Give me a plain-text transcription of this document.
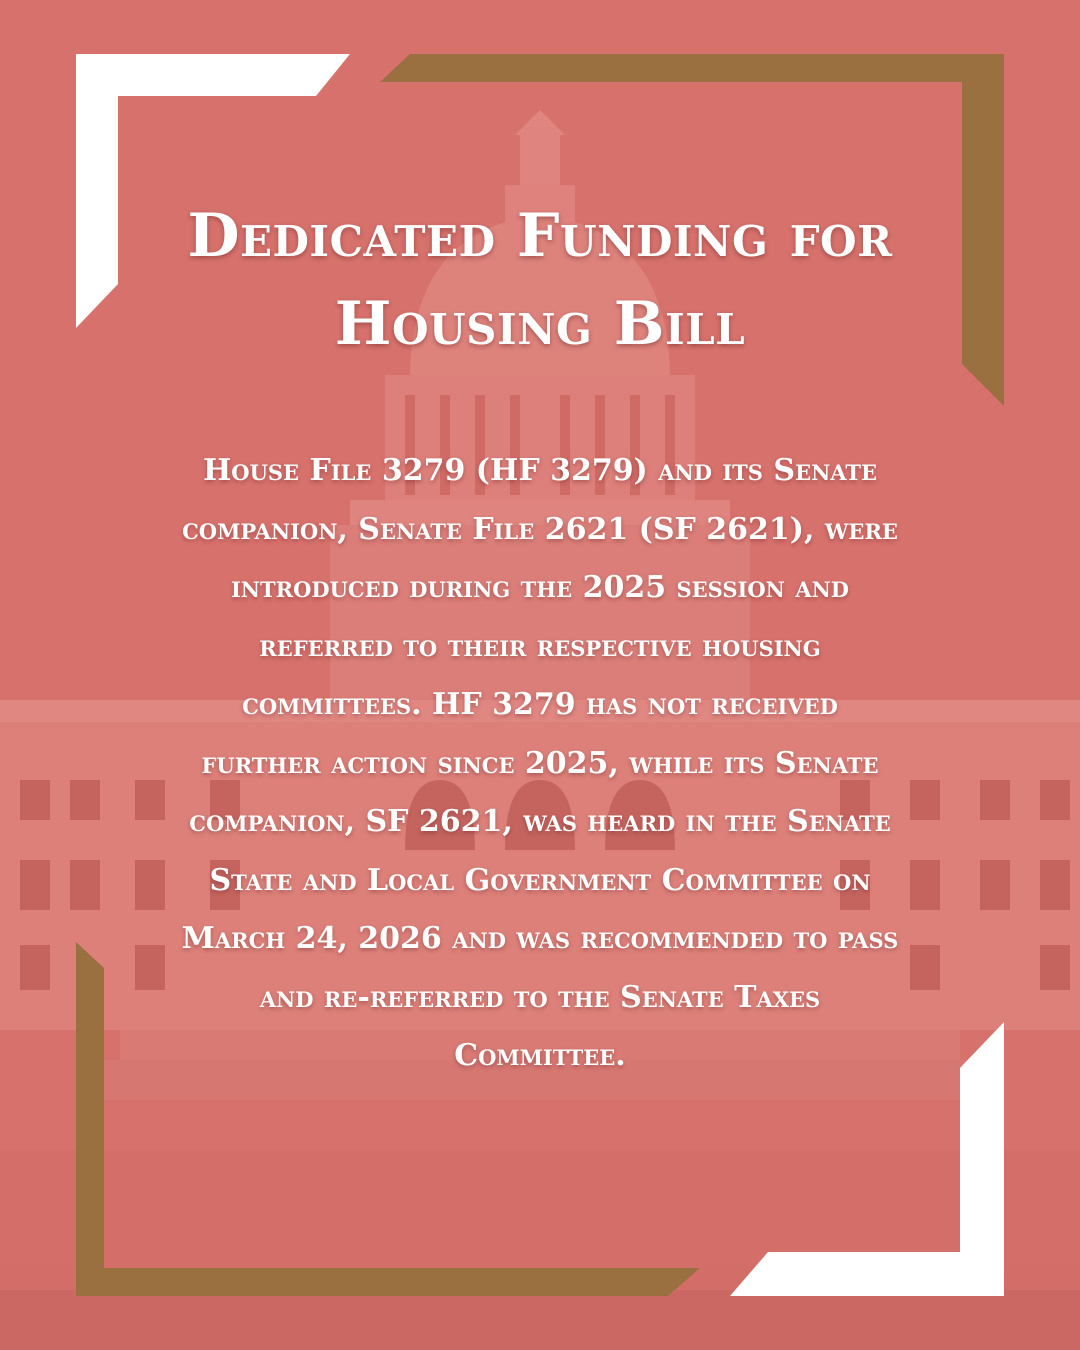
Dedicated Funding for Housing Bill

House File 3279 (HF 3279) and its Senate companion, Senate File 2621 (SF 2621), were introduced during the 2025 session and referred to their respective housing committees. HF 3279 has not received further action since 2025, while its Senate companion, SF 2621, was heard in the Senate State and Local Government Committee on March 24, 2026 and was recommended to pass and re-referred to the Senate Taxes Committee.
